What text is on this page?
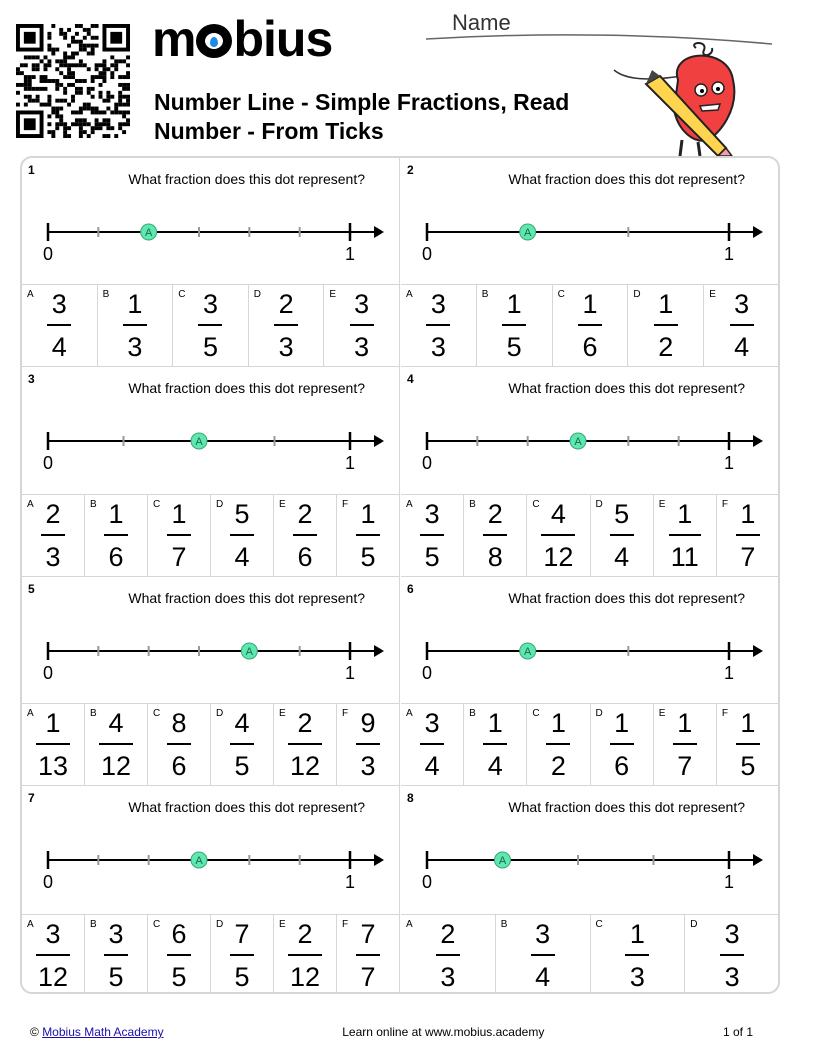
m bius
Number Line - Simple Fractions, Read Number - From Ticks
Name
1
What fraction does this dot represent?
0	1
A
A 3
4
B 1
3
C 3
5
D 2
3
E 3
3
2
What fraction does this dot represent?
0	1
A
A 3
3
B 1
5
C 1
6
D 1
2
E 3
4
3
What fraction does this dot represent?
0	1
A
A 2
3
B 1
6
C 1
7
D 5
4
E 2
6
F 1
5
4
What fraction does this dot represent?
0	1
A
A 3
5
B 2
8
C 4
12
D 5
4
E 1
11
F 1
7
5
What fraction does this dot represent?
0	1
A
A 1
13
B 4
12
C 8
6
D 4
5
E 2
12
F 9
3
6
What fraction does this dot represent?
0	1
A
A 3
4
B 1
4
C 1
2
D 1
6
E 1
7
F 1
5
7
What fraction does this dot represent?
0	1
A
A 3
12
B 3
5
C 6
5
D 7
5
E 2
12
F 7
7
8
What fraction does this dot represent?
0	1
A
A 2
3
B 3
4
C 1
3
D 3
3
© Mobius Math Academy	Learn online at www.mobius.academy	1 of 1
